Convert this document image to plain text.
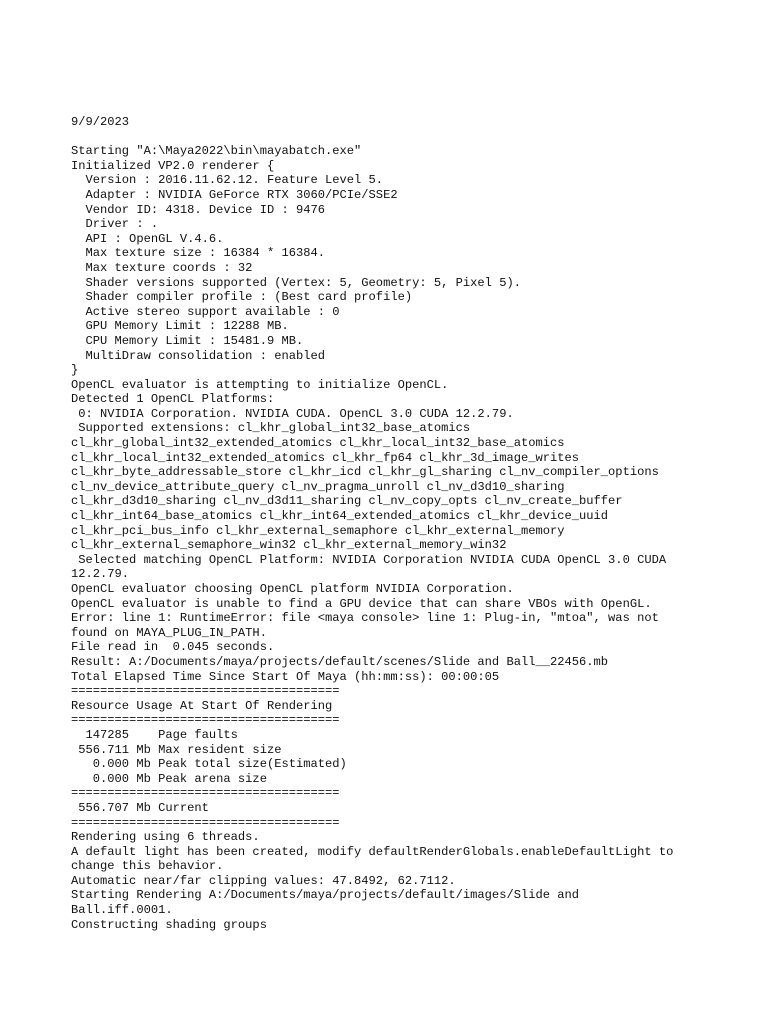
9/9/2023
Starting "A:\Maya2022\bin\mayabatch.exe"
Initialized VP2.0 renderer {
Version : 2016.11.62.12. Feature Level 5.
Adapter : NVIDIA GeForce RTX 3060/PCIe/SSE2
Vendor ID: 4318. Device ID : 9476
Driver : .
API : OpenGL V.4.6.
Max texture size : 16384 * 16384.
Max texture coords : 32
Shader versions supported (Vertex: 5, Geometry: 5, Pixel 5).
Shader compiler profile : (Best card profile)
Active stereo support available : 0
GPU Memory Limit : 12288 MB.
CPU Memory Limit : 15481.9 MB.
MultiDraw consolidation : enabled
}
OpenCL evaluator is attempting to initialize OpenCL.
Detected 1 OpenCL Platforms:
0: NVIDIA Corporation. NVIDIA CUDA. OpenCL 3.0 CUDA 12.2.79.
Supported extensions: cl_khr_global_int32_base_atomics
cl_khr_global_int32_extended_atomics cl_khr_local_int32_base_atomics
cl_khr_local_int32_extended_atomics cl_khr_fp64 cl_khr_3d_image_writes
cl_khr_byte_addressable_store cl_khr_icd cl_khr_gl_sharing cl_nv_compiler_options
cl_nv_device_attribute_query cl_nv_pragma_unroll cl_nv_d3d10_sharing
cl_khr_d3d10_sharing cl_nv_d3d11_sharing cl_nv_copy_opts cl_nv_create_buffer
cl_khr_int64_base_atomics cl_khr_int64_extended_atomics cl_khr_device_uuid
cl_khr_pci_bus_info cl_khr_external_semaphore cl_khr_external_memory
cl_khr_external_semaphore_win32 cl_khr_external_memory_win32
Selected matching OpenCL Platform: NVIDIA Corporation NVIDIA CUDA OpenCL 3.0 CUDA
12.2.79.
OpenCL evaluator choosing OpenCL platform NVIDIA Corporation.
OpenCL evaluator is unable to find a GPU device that can share VBOs with OpenGL.
Error: line 1: RuntimeError: file <maya console> line 1: Plug-in, "mtoa", was not
found on MAYA_PLUG_IN_PATH.
File read in  0.045 seconds.
Result: A:/Documents/maya/projects/default/scenes/Slide and Ball__22456.mb
Total Elapsed Time Since Start Of Maya (hh:mm:ss): 00:00:05
=====================================
Resource Usage At Start Of Rendering
=====================================
147285    Page faults
556.711 Mb Max resident size
0.000 Mb Peak total size(Estimated)
0.000 Mb Peak arena size
=====================================
556.707 Mb Current
=====================================
Rendering using 6 threads.
A default light has been created, modify defaultRenderGlobals.enableDefaultLight to
change this behavior.
Automatic near/far clipping values: 47.8492, 62.7112.
Starting Rendering A:/Documents/maya/projects/default/images/Slide and
Ball.iff.0001.
Constructing shading groups
